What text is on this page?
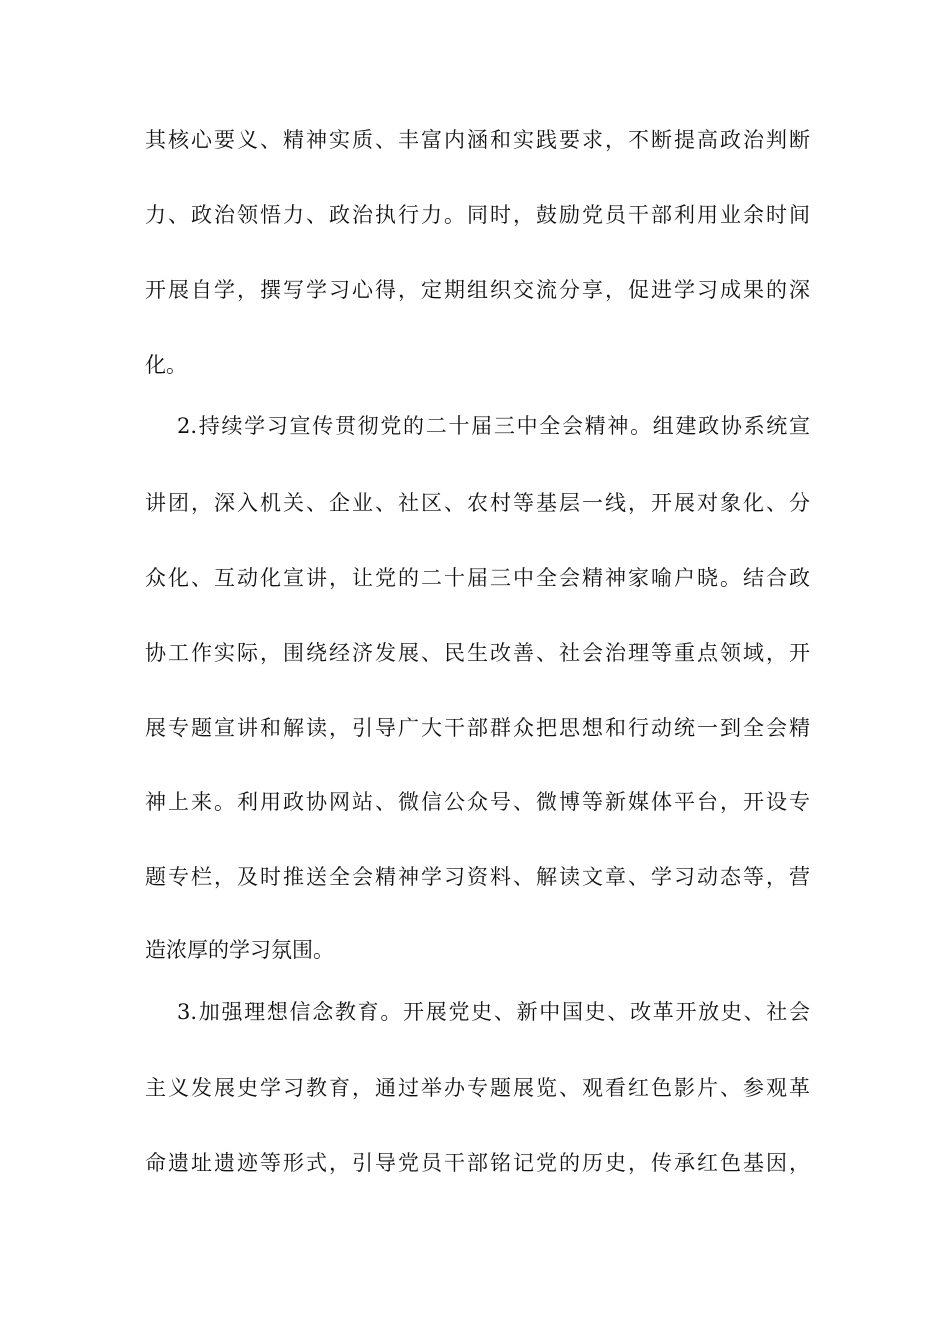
其核心要义、精神实质、丰富内涵和实践要求，不断提高政治判断
力、政治领悟力、政治执行力。同时，鼓励党员干部利用业余时间
开展自学，撰写学习心得，定期组织交流分享，促进学习成果的深
化。
2.持续学习宣传贯彻党的二十届三中全会精神。组建政协系统宣
讲团，深入机关、企业、社区、农村等基层一线，开展对象化、分
众化、互动化宣讲，让党的二十届三中全会精神家喻户晓。结合政
协工作实际，围绕经济发展、民生改善、社会治理等重点领域，开
展专题宣讲和解读，引导广大干部群众把思想和行动统一到全会精
神上来。利用政协网站、微信公众号、微博等新媒体平台，开设专
题专栏，及时推送全会精神学习资料、解读文章、学习动态等，营
造浓厚的学习氛围。
3.加强理想信念教育。开展党史、新中国史、改革开放史、社会
主义发展史学习教育，通过举办专题展览、观看红色影片、参观革
命遗址遗迹等形式，引导党员干部铭记党的历史，传承红色基因，
